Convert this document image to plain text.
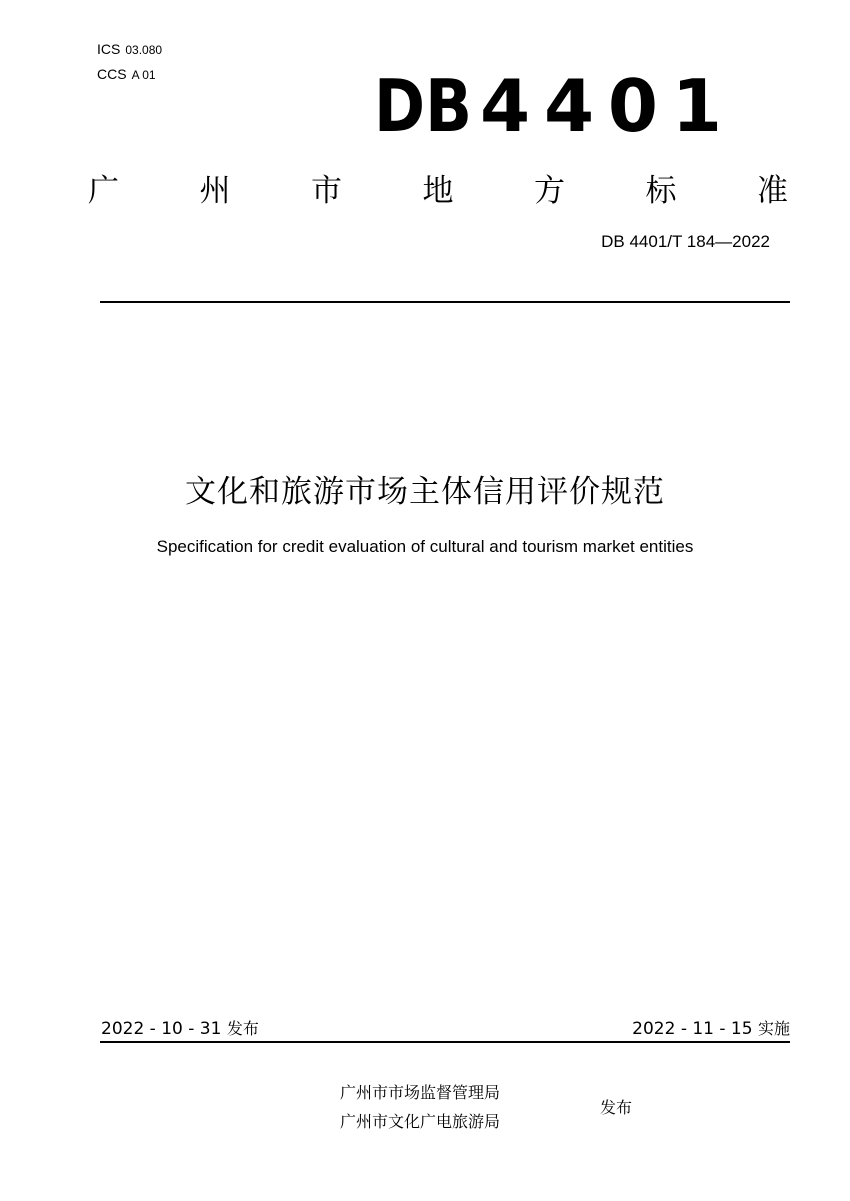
ICS 03.080
CCS A 01	DB 4401
广	州	市	地	方	标	准
DB 4401/T 184—2022
文化和旅游市场主体信用评价规范
Specification for credit evaluation of cultural and tourism market entities
2022 - 10 - 31 发布	2022 - 11 - 15 实施
广州市市场监督管理局
广州市文化广电旅游局
发布
